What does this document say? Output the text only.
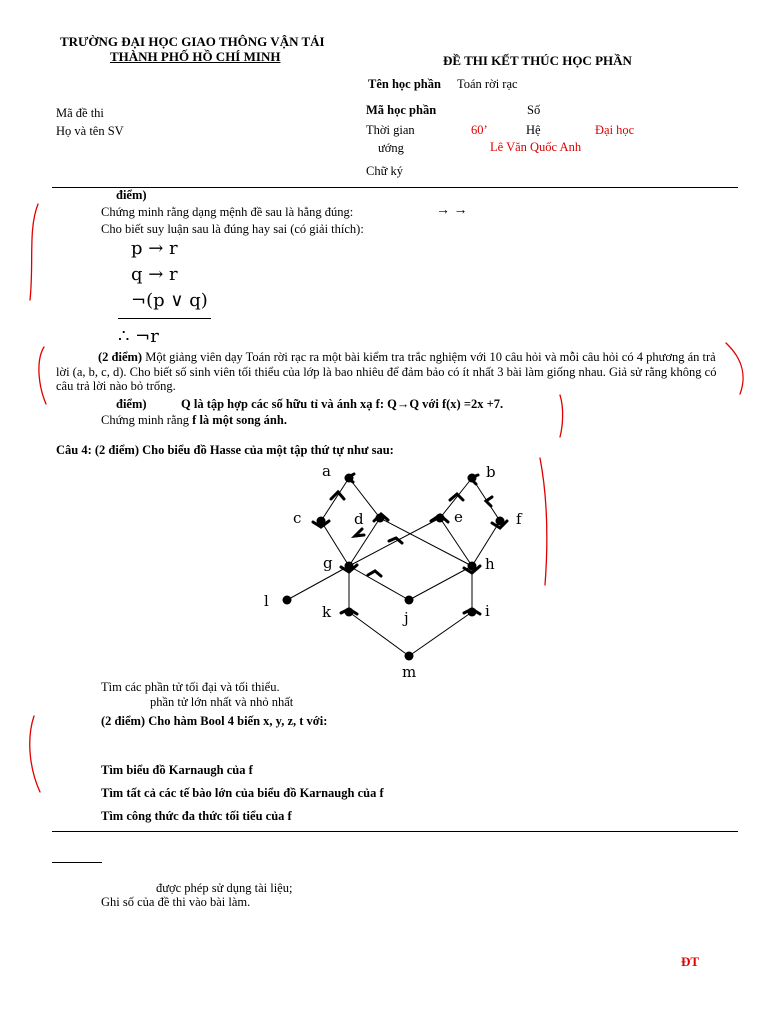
TRƯỜNG ĐẠI HỌC GIAO THÔNG VẬN TẢI
THÀNH PHỐ HỒ CHÍ MINH	ĐỀ THI KẾT THÚC HỌC PHẦN
Tên học phần Toán rời rạc
Mã đề thi	Mã học phần	Số
Họ và tên SV	Thời gian	60’	Hệ	Đại học
ướng	Lê Văn Quốc Anh
Chữ ký
điểm)
Chứng minh rằng dạng mệnh đề sau là hằng đúng:	→ →
Cho biết suy luận sau là đúng hay sai (có giải thích):
p → r
q → r
¬(p ∨ q)
∴ ¬r
(2 điểm) Một giảng viên dạy Toán rời rạc ra một bài kiểm tra trắc nghiệm với 10 câu hỏi và mỗi câu hỏi có 4 phương án trả lời (a, b, c, d). Cho biết số sinh viên tối thiểu của lớp là bao nhiêu để đảm bảo có ít nhất 3 bài làm giống nhau. Giả sử rằng không có câu trả lời nào bỏ trống.
điểm)	Q là tập hợp các số hữu tỉ và ánh xạ f: Q→Q với f(x) =2x +7.
Chứng minh rằng f là một song ánh.
Câu 4: (2 điểm) Cho biểu đồ Hasse của một tập thứ tự như sau:
a	b
c	d	e	f
g	h
l
k	j	i
m
Tìm các phần tử tối đại và tối thiểu.
phần tử lớn nhất và nhỏ nhất
(2 điểm) Cho hàm Bool 4 biến x, y, z, t với:
Tìm biểu đồ Karnaugh của f
Tìm tất cả các tế bào lớn của biểu đồ Karnaugh của f
Tìm công thức đa thức tối tiểu của f
được phép sử dụng tài liệu;
Ghi số của đề thi vào bài làm.
ĐT
